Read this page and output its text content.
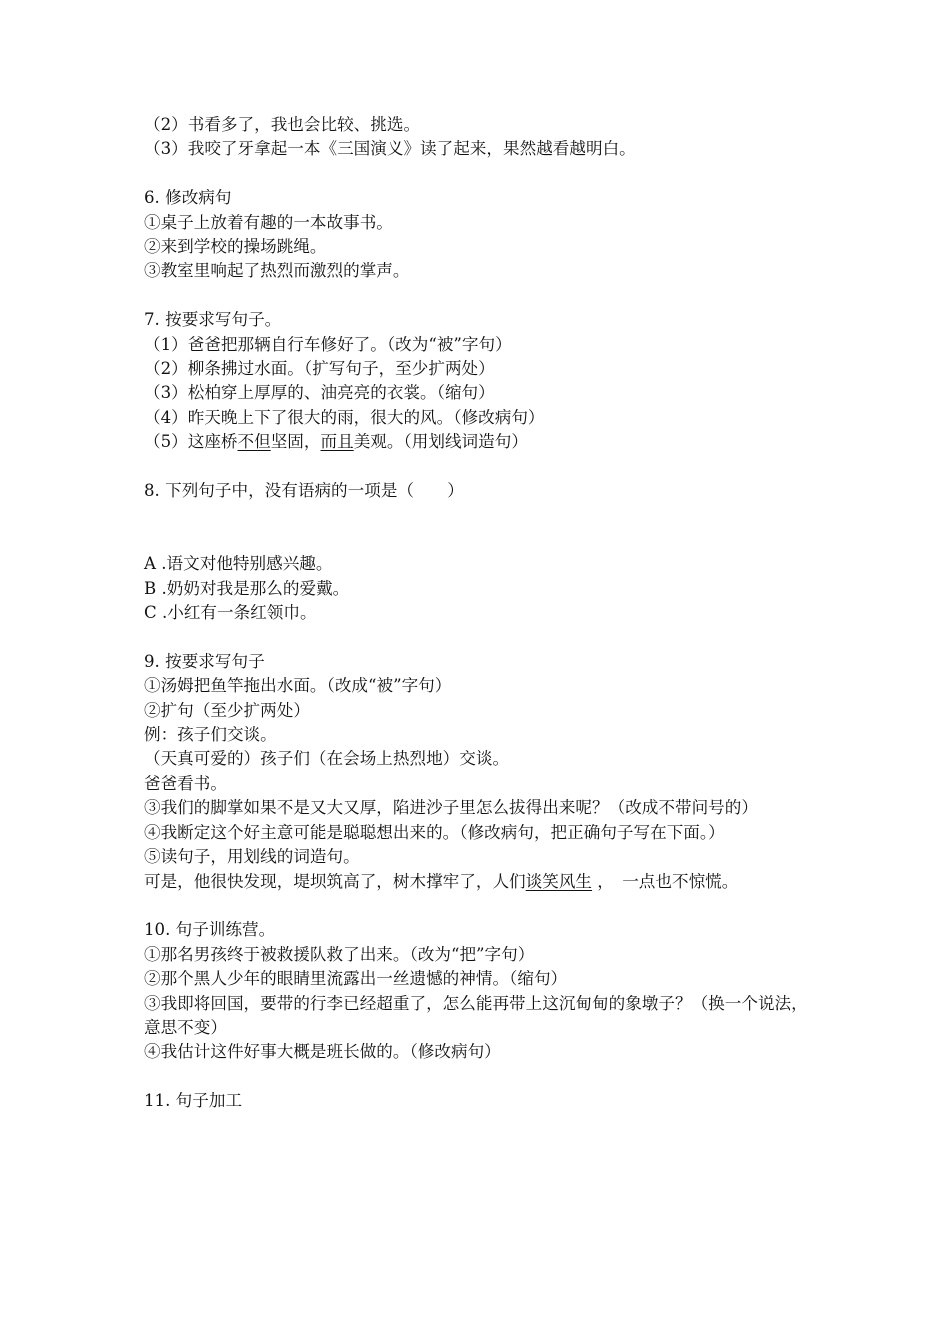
（2）书看多了，我也会比较、挑选。
（3）我咬了牙拿起一本《三国演义》读了起来，果然越看越明白。
6. 修改病句
①桌子上放着有趣的一本故事书。
②来到学校的操场跳绳。
③教室里响起了热烈而激烈的掌声。
7. 按要求写句子。
（1）爸爸把那辆自行车修好了。（改为“被”字句）
（2）柳条拂过水面。（扩写句子，至少扩两处）
（3）松柏穿上厚厚的、油亮亮的衣裳。（缩句）
（4）昨天晚上下了很大的雨，很大的风。（修改病句）
（5）这座桥不但坚固，而且美观。（用划线词造句）
8. 下列句子中，没有语病的一项是（　　）
A .语文对他特别感兴趣。
B .奶奶对我是那么的爱戴。
C .小红有一条红领巾。
9. 按要求写句子
①汤姆把鱼竿拖出水面。（改成“被”字句）
②扩句（至少扩两处）
例：孩子们交谈。
（天真可爱的）孩子们（在会场上热烈地）交谈。
爸爸看书。
③我们的脚掌如果不是又大又厚，陷进沙子里怎么拔得出来呢？（改成不带问号的）
④我断定这个好主意可能是聪聪想出来的。（修改病句，把正确句子写在下面。）
⑤读句子，用划线的词造句。
可是，他很快发现，堤坝筑高了，树木撑牢了，人们谈笑风生 ，　一点也不惊慌。
10. 句子训练营。
①那名男孩终于被救援队救了出来。（改为“把”字句）
②那个黑人少年的眼睛里流露出一丝遗憾的神情。（缩句）
③我即将回国，要带的行李已经超重了，怎么能再带上这沉甸甸的象墩子？（换一个说法，意思不变）
④我估计这件好事大概是班长做的。（修改病句）
11. 句子加工
